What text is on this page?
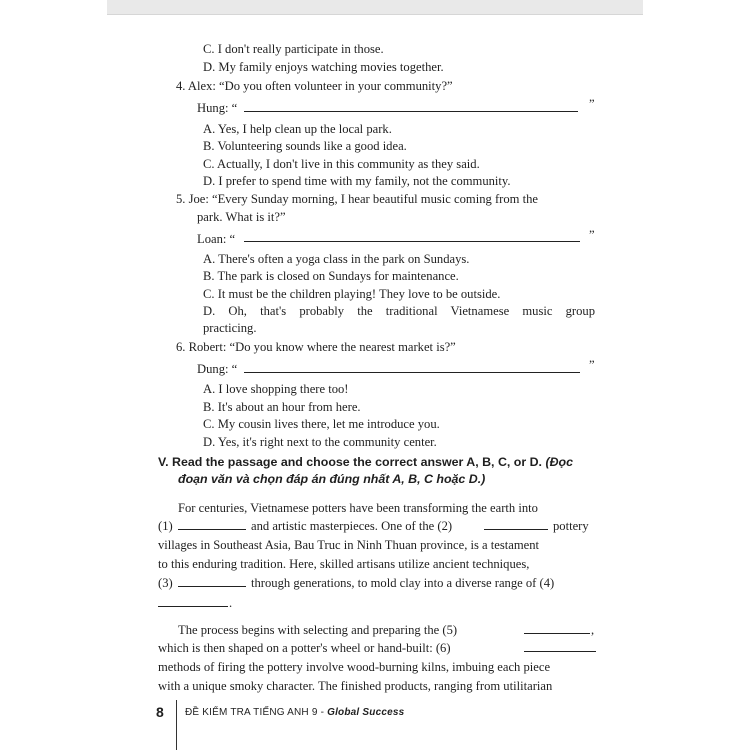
C. I don't really participate in those.
D. My family enjoys watching movies together.
4. Alex: “Do you often volunteer in your community?”
Hung: “	”
A. Yes, I help clean up the local park.
B. Volunteering sounds like a good idea.
C. Actually, I don't live in this community as they said.
D. I prefer to spend time with my family, not the community.
5. Joe: “Every Sunday morning, I hear beautiful music coming from the
park. What is it?”
Loan: “	”
A. There's often a yoga class in the park on Sundays.
B. The park is closed on Sundays for maintenance.
C. It must be the children playing! They love to be outside.
D. Oh, that's probably the traditional Vietnamese music group
practicing.
6. Robert: “Do you know where the nearest market is?”
Dung: “	”
A. I love shopping there too!
B. It's about an hour from here.
C. My cousin lives there, let me introduce you.
D. Yes, it's right next to the community center.
V. Read the passage and choose the correct answer A, B, C, or D. (Đọc
đoạn văn và chọn đáp án đúng nhất A, B, C hoặc D.)
For centuries, Vietnamese potters have been transforming the earth into
(1)	and artistic masterpieces. One of the (2)	pottery
villages in Southeast Asia, Bau Truc in Ninh Thuan province, is a testament
to this enduring tradition. Here, skilled artisans utilize ancient techniques,
(3)	through generations, to mold clay into a diverse range of (4)
.
The process begins with selecting and preparing the (5)	,
which is then shaped on a potter's wheel or hand-built: (6)
methods of firing the pottery involve wood-burning kilns, imbuing each piece
with a unique smoky character. The finished products, ranging from utilitarian
8 ĐỀ KIỂM TRA TIẾNG ANH 9 - Global Success
